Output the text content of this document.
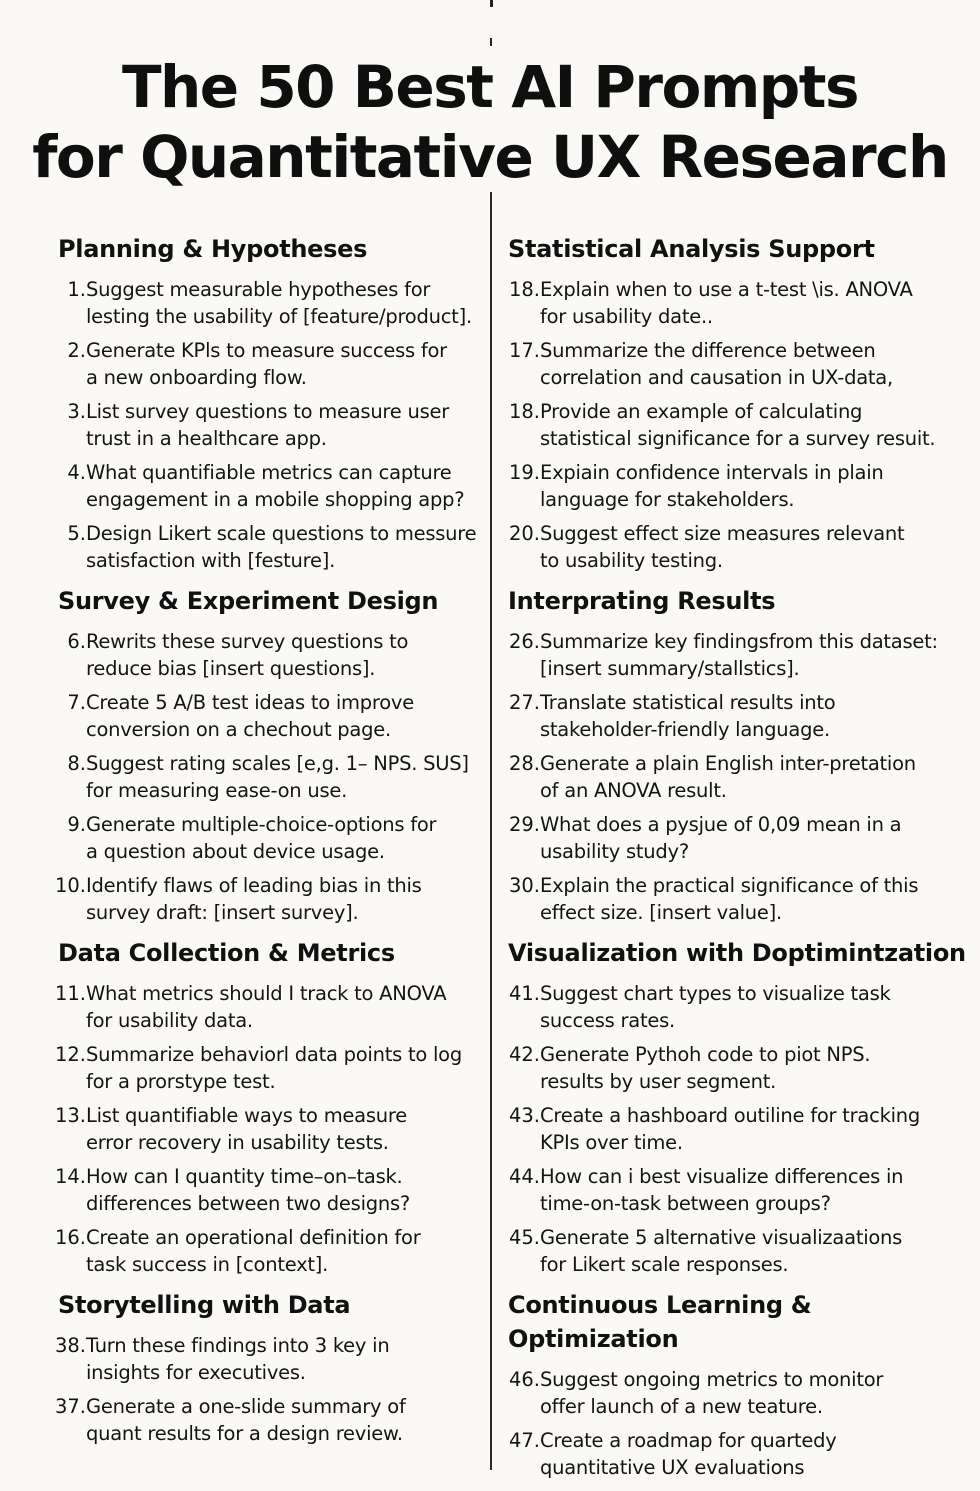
The 50 Best AI Prompts
for Quantitative UX Research
Planning & Hypotheses
1. Suggest measurable hypotheses for
lesting the usability of [feature/product].
2. Generate KPls to measure success for
a new onboarding flow.
3. List survey questions to measure user
trust in a healthcare app.
4. What quantifiable metrics can capture
engagement in a mobile shopping app?
5. Design Likert scale questions to messure
satisfaction with [festure].
Survey & Experiment Design
6. Rewrits these survey questions to
reduce bias [insert questions].
7. Create 5 A/B test ideas to improve
conversion on a chechout page.
8. Suggest rating scales [e,g. 1– NPS. SUS]
for measuring ease-on use.
9. Generate multiple-choice-options for
a question about device usage.
10. Identify flaws of leading bias in this
survey draft: [insert survey].
Data Collection & Metrics
11. What metrics should I track to ANOVA
for usability data.
12. Summarize behaviorl data points to log
for a prorstype test.
13. List quantifiable ways to measure
error recovery in usability tests.
14. How can I quantity time–on–task.
differences between two designs?
16. Create an operational definition for
task success in [context].
Storytelling with Data
38. Turn these findings into 3 key in
insights for executives.
37. Generate a one-slide summary of
quant results for a design review.
Statistical Analysis Support
18. Explain when to use a t-test \is. ANOVA
for usability date..
17. Summarize the difference between
correlation and causation in UX-data,
18. Provide an example of calculating
statistical significance for a survey resuit.
19. Expiain confidence intervals in plain
language for stakeholders.
20. Suggest effect size measures relevant
to usability testing.
Interprating Results
26. Summarize key findingsfrom this dataset:
[insert summary/stallstics].
27. Translate statistical results into
stakeholder-friendly language.
28. Generate a plain English inter-pretation
of an ANOVA result.
29. What does a pysjue of 0,09 mean in a
usability study?
30. Explain the practical significance of this
effect size. [insert value].
Visualization with Doptimintzation
41. Suggest chart types to visualize task
success rates.
42. Generate Pythoh code to piot NPS.
results by user segment.
43. Create a hashboard outiline for tracking
KPIs over time.
44. How can i best visualize differences in
time-on-task between groups?
45. Generate 5 alternative visualizaations
for Likert scale responses.
Continuous Learning & Optimization
46. Suggest ongoing metrics to monitor
offer launch of a new teature.
47. Create a roadmap for quartedy
quantitative UX evaluations
